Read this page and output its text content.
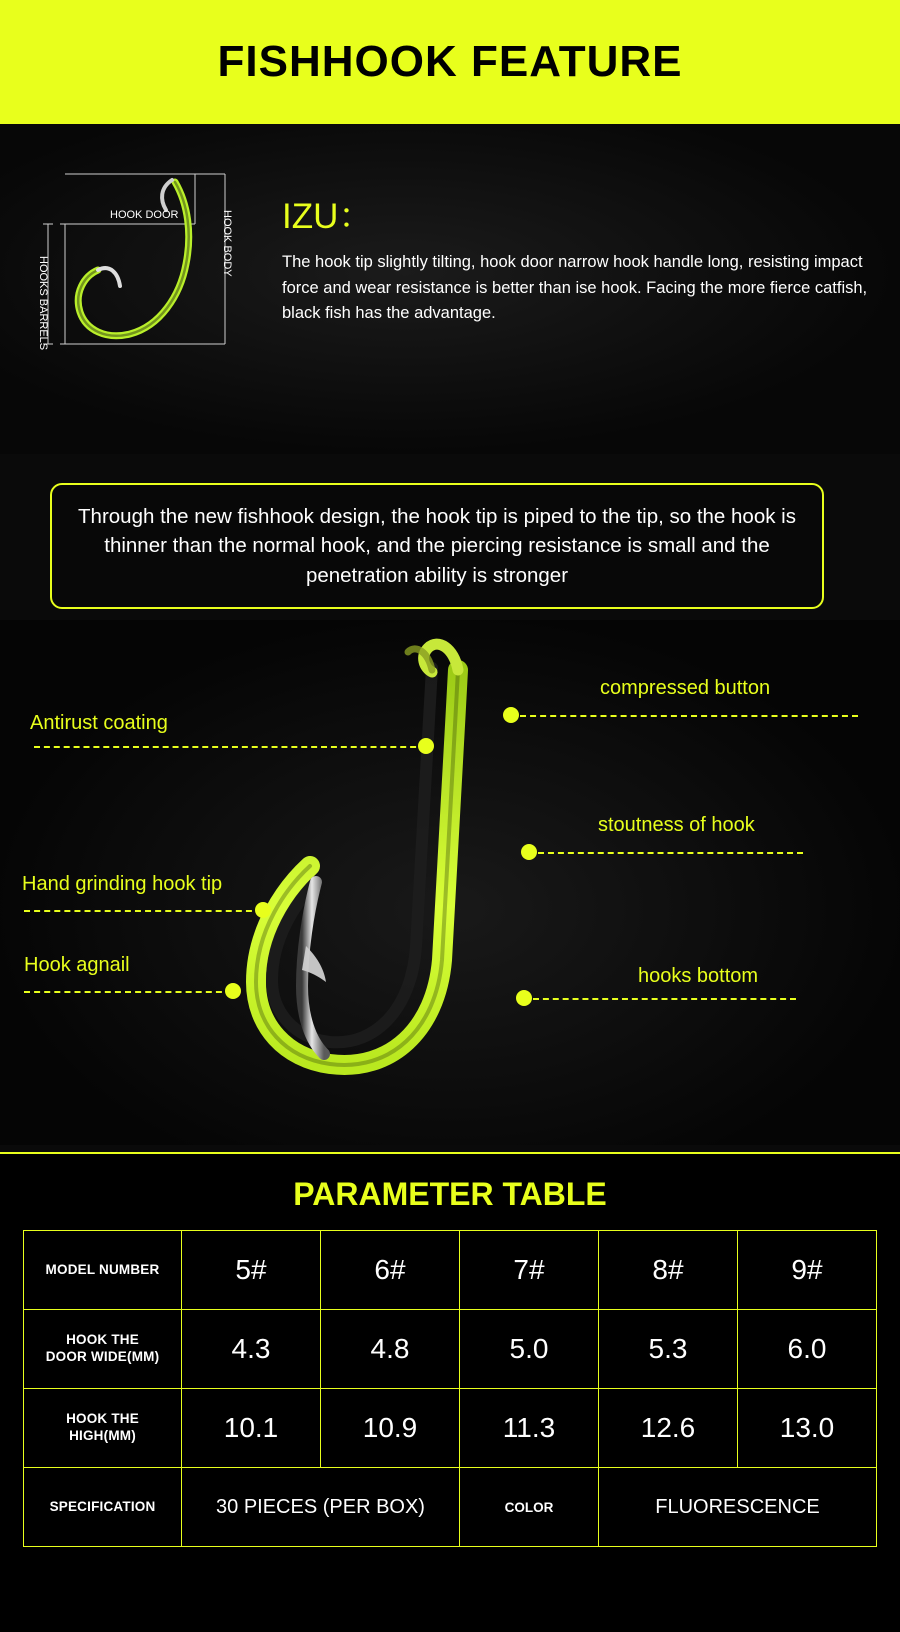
FISHHOOK FEATURE
HOOK DOOR	HOOK BODY
HOOKS BARRELS
IZU：

The hook tip slightly tilting, hook door narrow hook handle long, resisting impact force and wear resistance is better than ise hook. Facing the more fierce catfish, black fish has the advantage.

Through the new fishhook design, the hook tip is piped to the tip, so the hook is thinner than the normal hook, and the piercing resistance is small and the penetration ability is stronger

compressed button
Antirust coating
stoutness of hook
Hand grinding hook tip
Hook agnail	hooks bottom
PARAMETER TABLE
MODEL NUMBER	5#	6#	7#	8#	9#

HOOK THE
DOOR WIDE(MM)	4.3	4.8	5.0	5.3	6.0

HOOK THE
HIGH(MM)	10.1	10.9	11.3	12.6	13.0
SPECIFICATION	30 PIECES (PER BOX)		COLOR	FLUORESCENCE	
